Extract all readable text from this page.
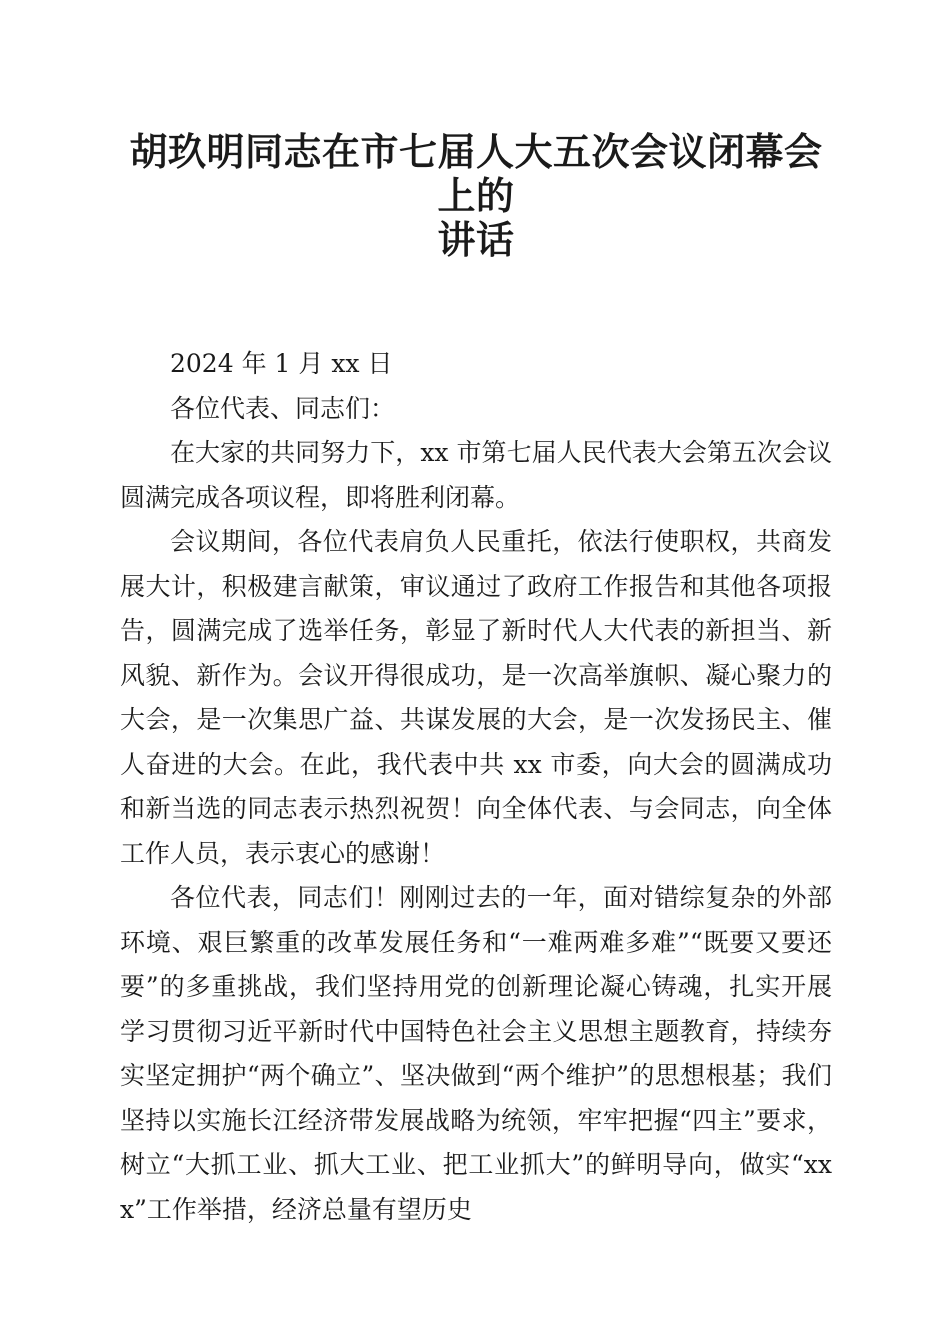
胡玖明同志在市七届人大五次会议闭幕会上的
讲话

2024 年 1 月 xx 日

各位代表、同志们：

在大家的共同努力下，xx 市第七届人民代表大会第五次会议圆满完成各项议程，即将胜利闭幕。

会议期间，各位代表肩负人民重托，依法行使职权，共商发展大计，积极建言献策，审议通过了政府工作报告和其他各项报告，圆满完成了选举任务，彰显了新时代人大代表的新担当、新风貌、新作为。会议开得很成功，是一次高举旗帜、凝心聚力的大会，是一次集思广益、共谋发展的大会，是一次发扬民主、催人奋进的大会。在此，我代表中共 xx 市委，向大会的圆满成功和新当选的同志表示热烈祝贺！向全体代表、与会同志，向全体工作人员，表示衷心的感谢！

各位代表，同志们！刚刚过去的一年，面对错综复杂的外部环境、艰巨繁重的改革发展任务和“一难两难多难”“既要又要还要”的多重挑战，我们坚持用党的创新理论凝心铸魂，扎实开展学习贯彻习近平新时代中国特色社会主义思想主题教育，持续夯实坚定拥护“两个确立”、坚决做到“两个维护”的思想根基；我们坚持以实施长江经济带发展战略为统领，牢牢把握“四主”要求，树立“大抓工业、抓大工业、把工业抓大”的鲜明导向，做实“xxx”工作举措，经济总量有望历史
